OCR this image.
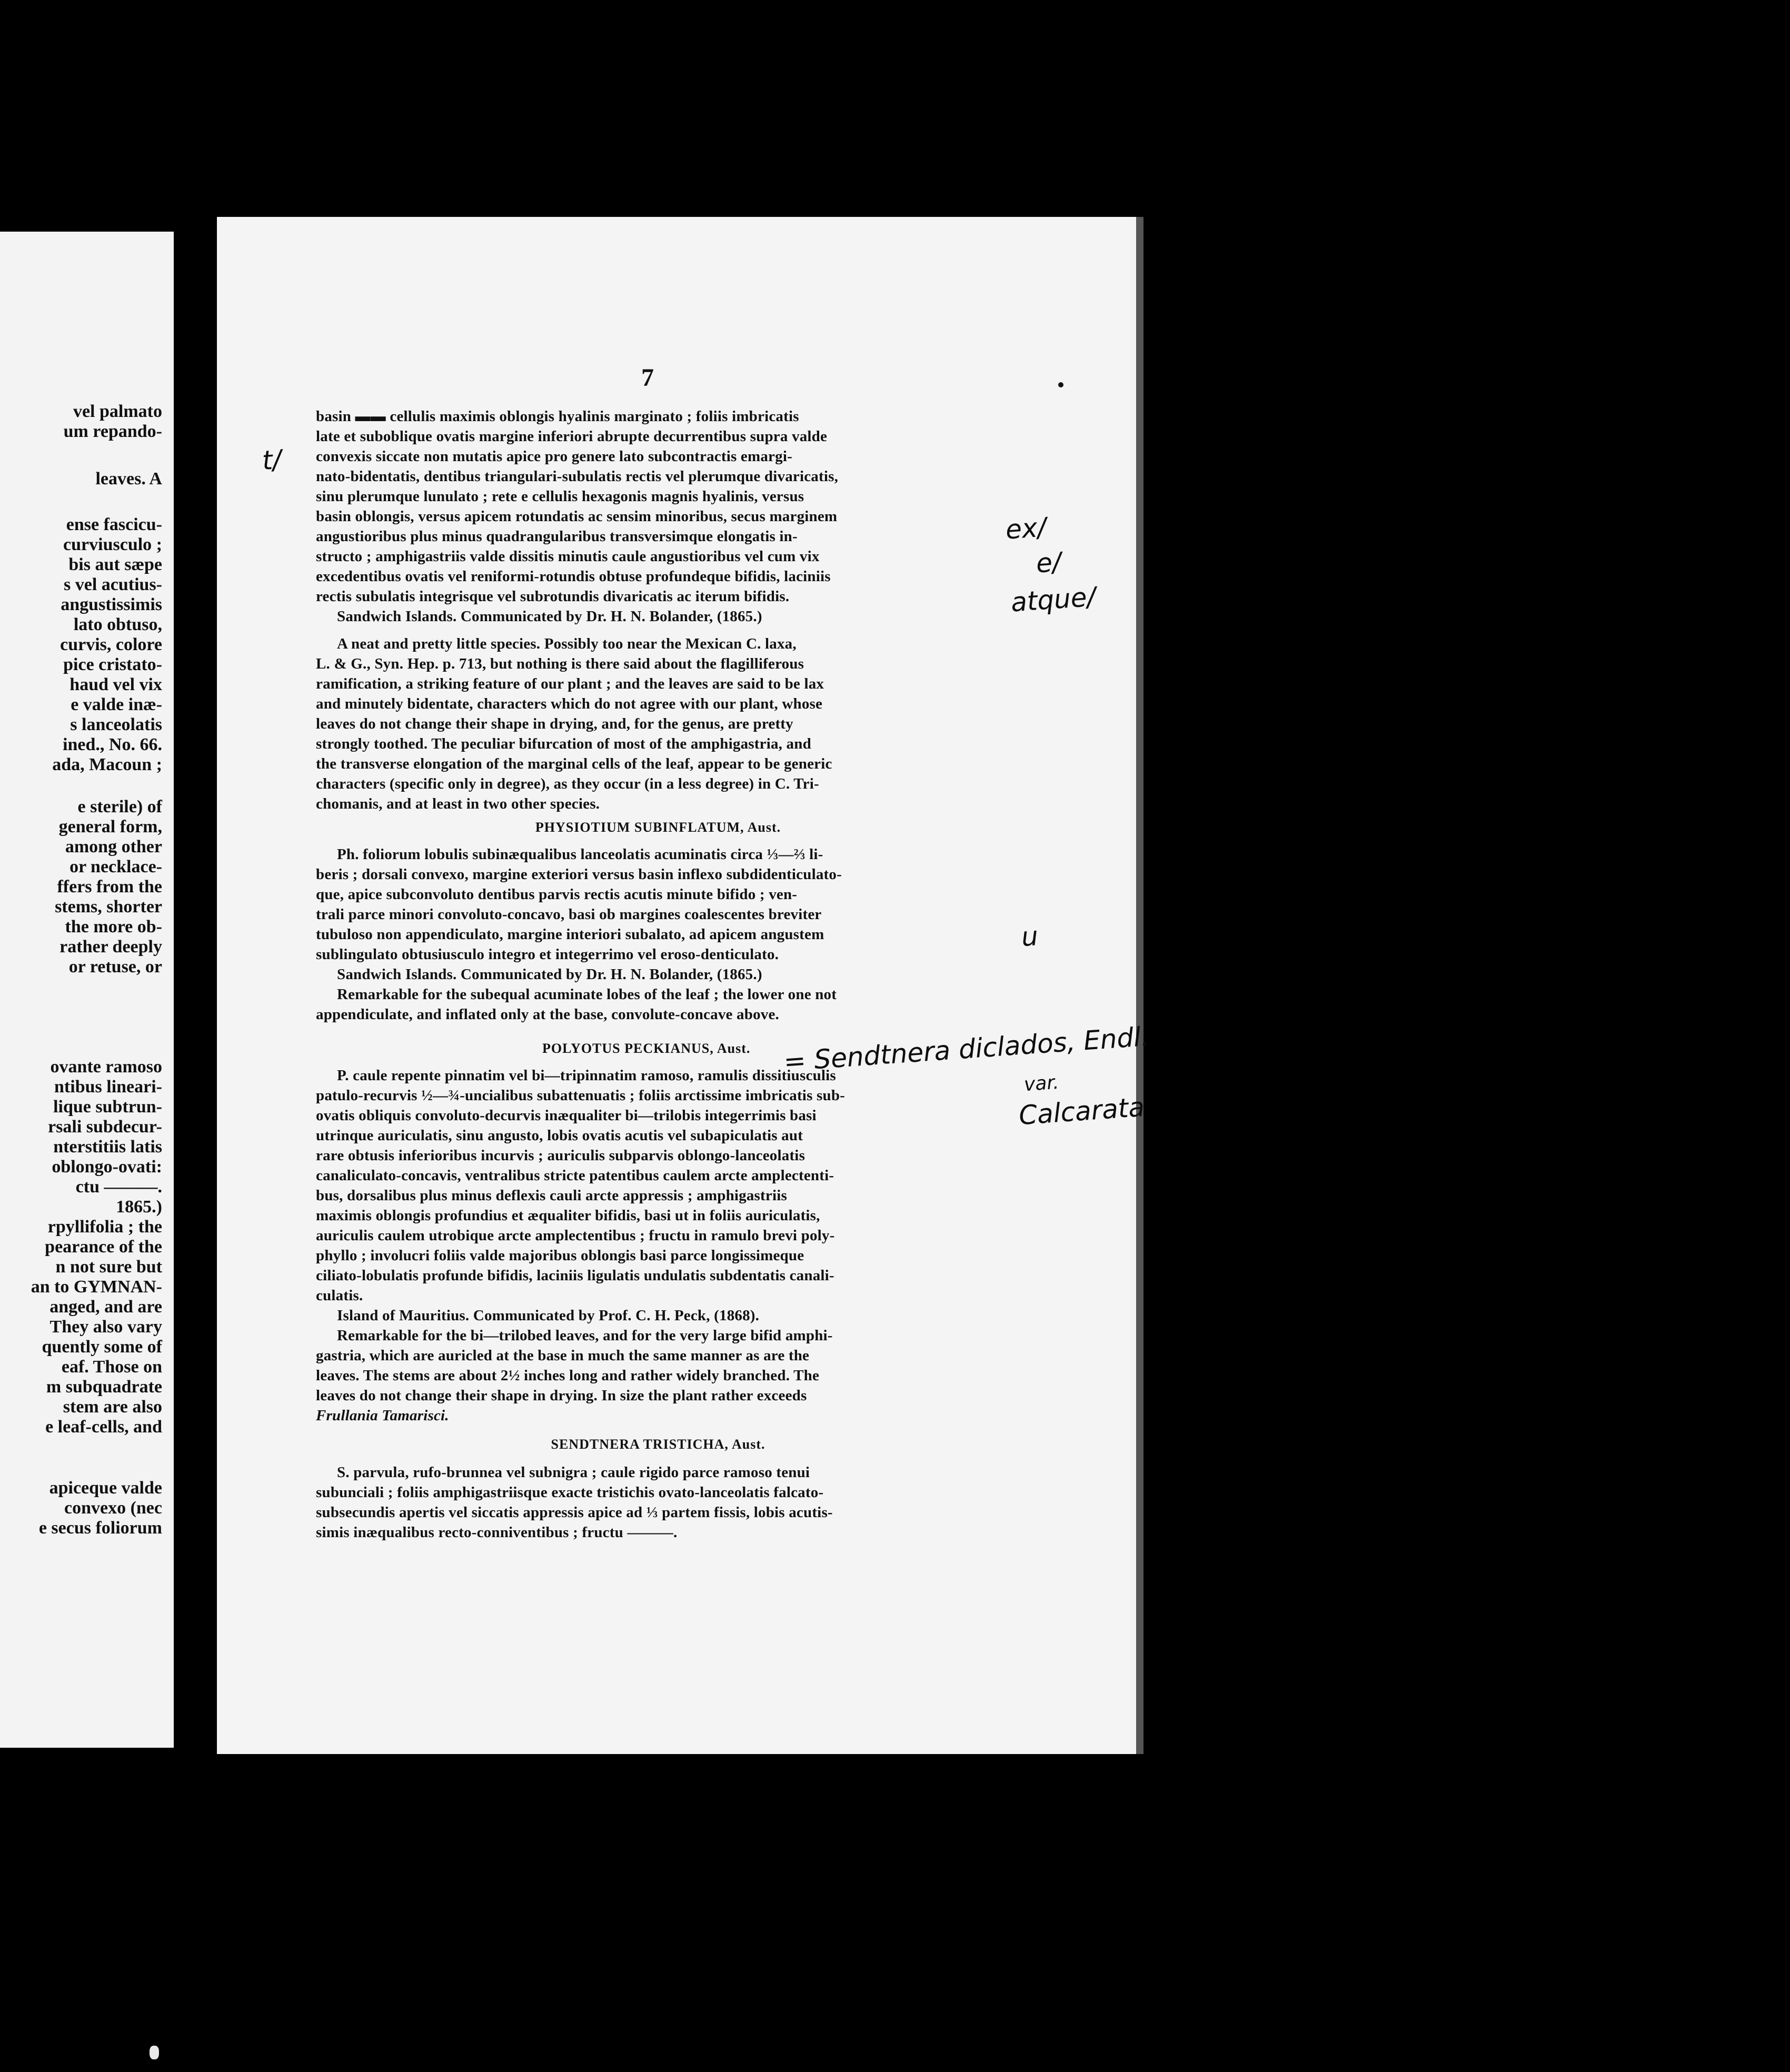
vel palmato
um repando-
leaves. A
ense fascicu-
curviusculo ;
bis aut sæpe
s vel acutius-
angustissimis
lato obtuso,
curvis, colore
pice cristato-
haud vel vix
e valde inæ-
s lanceolatis
ined., No. 66.
ada, Macoun ;
e sterile) of
general form,
among other
or necklace-
ffers from the
stems, shorter
the more ob-
rather deeply
or retuse, or
ovante ramoso
ntibus lineari-
lique subtrun-
rsali subdecur-
nterstitiis latis
oblongo-ovati:
ctu ———.
1865.)
rpyllifolia ; the
pearance of the
n not sure but
an to GYMNAN-
anged, and are
They also vary
quently some of
eaf. Those on
m subquadrate
stem are also
e leaf-cells, and
apiceque valde
convexo (nec
e secus foliorum
7
basin ▬▬ cellulis maximis oblongis hyalinis marginato ; foliis imbricatis
late et suboblique ovatis margine inferiori abrupte decurrentibus supra valde
convexis siccate non mutatis apice pro genere lato subcontractis emargi-
nato-bidentatis, dentibus triangulari-subulatis rectis vel plerumque divaricatis,
sinu plerumque lunulato ; rete e cellulis hexagonis magnis hyalinis, versus
basin oblongis, versus apicem rotundatis ac sensim minoribus, secus marginem
angustioribus plus minus quadrangularibus transversimque elongatis in-
structo ; amphigastriis valde dissitis minutis caule angustioribus vel cum vix
excedentibus ovatis vel reniformi-rotundis obtuse profundeque bifidis, laciniis
rectis subulatis integrisque vel subrotundis divaricatis ac iterum bifidis.
Sandwich Islands. Communicated by Dr. H. N. Bolander, (1865.)
A neat and pretty little species. Possibly too near the Mexican C. laxa,
L. & G., Syn. Hep. p. 713, but nothing is there said about the flagilliferous
ramification, a striking feature of our plant ; and the leaves are said to be lax
and minutely bidentate, characters which do not agree with our plant, whose
leaves do not change their shape in drying, and, for the genus, are pretty
strongly toothed. The peculiar bifurcation of most of the amphigastria, and
the transverse elongation of the marginal cells of the leaf, appear to be generic
characters (specific only in degree), as they occur (in a less degree) in C. Tri-
chomanis, and at least in two other species.
PHYSIOTIUM SUBINFLATUM, Aust.
Ph. foliorum lobulis subinæqualibus lanceolatis acuminatis circa ⅓—⅔ li-
beris ; dorsali convexo, margine exteriori versus basin inflexo subdidenticulato-
que, apice subconvoluto dentibus parvis rectis acutis minute bifido ; ven-
trali parce minori convoluto-concavo, basi ob margines coalescentes breviter
tubuloso non appendiculato, margine interiori subalato, ad apicem angustem
sublingulato obtusiusculo integro et integerrimo vel eroso-denticulato.
Sandwich Islands. Communicated by Dr. H. N. Bolander, (1865.)
Remarkable for the subequal acuminate lobes of the leaf ; the lower one not
appendiculate, and inflated only at the base, convolute-concave above.
POLYOTUS PECKIANUS, Aust.
P. caule repente pinnatim vel bi—tripinnatim ramoso, ramulis dissitiusculis
patulo-recurvis ½—¾-uncialibus subattenuatis ; foliis arctissime imbricatis sub-
ovatis obliquis convoluto-decurvis inæqualiter bi—trilobis integerrimis basi
utrinque auriculatis, sinu angusto, lobis ovatis acutis vel subapiculatis aut
rare obtusis inferioribus incurvis ; auriculis subparvis oblongo-lanceolatis
canaliculato-concavis, ventralibus stricte patentibus caulem arcte amplectenti-
bus, dorsalibus plus minus deflexis cauli arcte appressis ; amphigastriis
maximis oblongis profundius et æqualiter bifidis, basi ut in foliis auriculatis,
auriculis caulem utrobique arcte amplectentibus ; fructu in ramulo brevi poly-
phyllo ; involucri foliis valde majoribus oblongis basi parce longissimeque
ciliato-lobulatis profunde bifidis, laciniis ligulatis undulatis subdentatis canali-
culatis.
Island of Mauritius. Communicated by Prof. C. H. Peck, (1868).
Remarkable for the bi—trilobed leaves, and for the very large bifid amphi-
gastria, which are auricled at the base in much the same manner as are the
leaves. The stems are about 2½ inches long and rather widely branched. The
leaves do not change their shape in drying. In size the plant rather exceeds
Frullania Tamarisci.
SENDTNERA TRISTICHA, Aust.
S. parvula, rufo-brunnea vel subnigra ; caule rigido parce ramoso tenui
subunciali ; foliis amphigastriisque exacte tristichis ovato-lanceolatis falcato-
subsecundis apertis vel siccatis appressis apice ad ⅓ partem fissis, lobis acutis-
simis inæqualibus recto-conniventibus ; fructu ———.
t/
ex/
e/
atque/
u
= Sendtnera diclados, Endl.
var.
Calcarata
